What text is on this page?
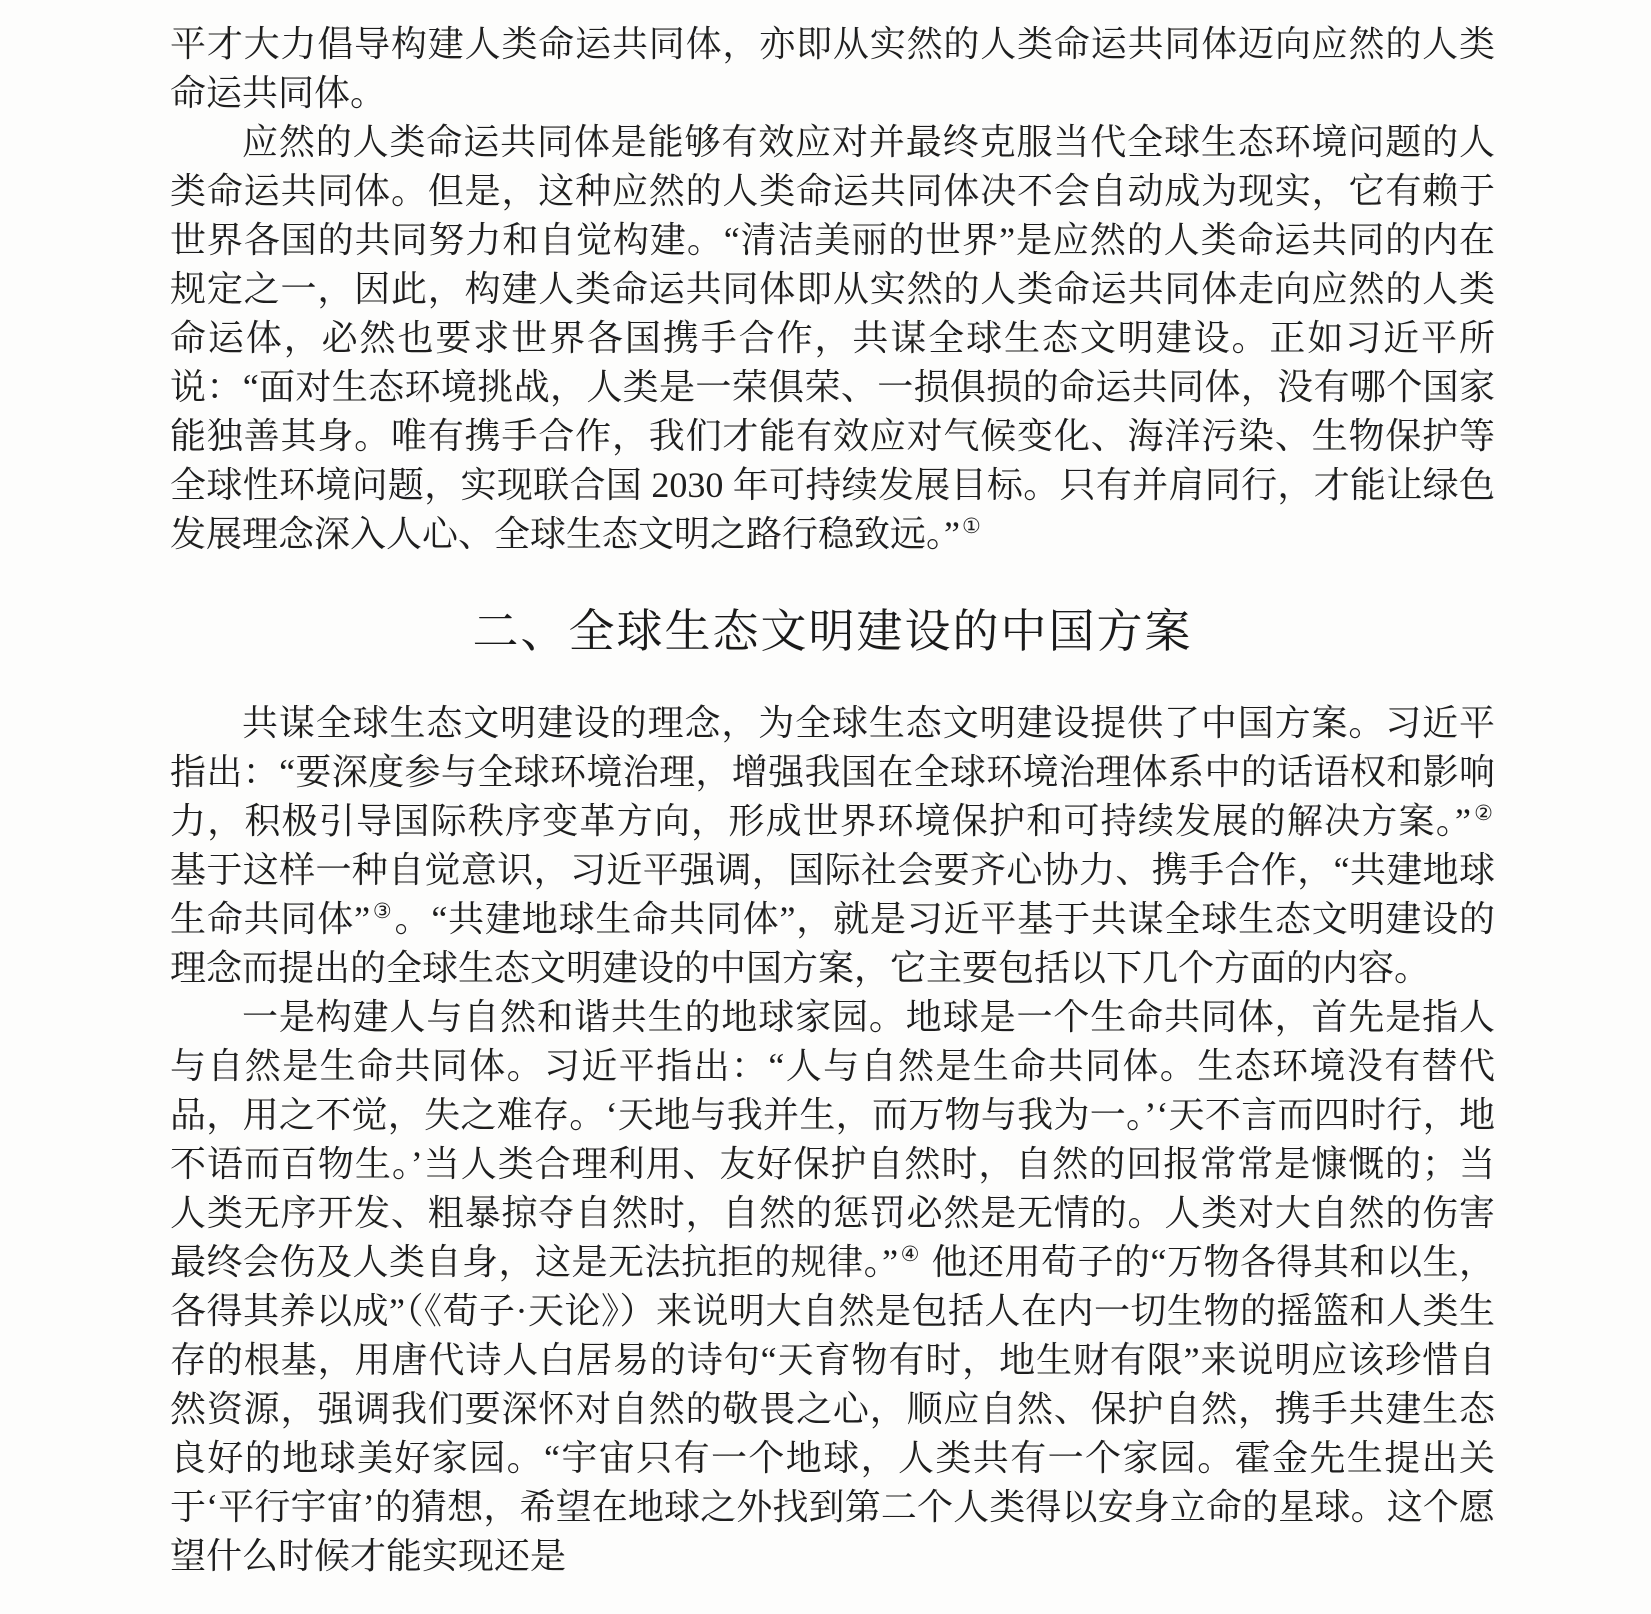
平才大力倡导构建人类命运共同体，亦即从实然的人类命运共同体迈向应然的人类命运共同体。

应然的人类命运共同体是能够有效应对并最终克服当代全球生态环境问题的人类命运共同体。但是，这种应然的人类命运共同体决不会自动成为现实，它有赖于世界各国的共同努力和自觉构建。“清洁美丽的世界”是应然的人类命运共同的内在规定之一，因此，构建人类命运共同体即从实然的人类命运共同体走向应然的人类命运体，必然也要求世界各国携手合作，共谋全球生态文明建设。正如习近平所说：“面对生态环境挑战，人类是一荣俱荣、一损俱损的命运共同体，没有哪个国家能独善其身。唯有携手合作，我们才能有效应对气候变化、海洋污染、生物保护等全球性环境问题，实现联合国 2030 年可持续发展目标。只有并肩同行，才能让绿色发展理念深入人心、全球生态文明之路行稳致远。”①

二、全球生态文明建设的中国方案

共谋全球生态文明建设的理念，为全球生态文明建设提供了中国方案。习近平指出：“要深度参与全球环境治理，增强我国在全球环境治理体系中的话语权和影响力，积极引导国际秩序变革方向，形成世界环境保护和可持续发展的解决方案。”② 基于这样一种自觉意识，习近平强调，国际社会要齐心协力、携手合作，“共建地球生命共同体”③。“共建地球生命共同体”，就是习近平基于共谋全球生态文明建设的理念而提出的全球生态文明建设的中国方案，它主要包括以下几个方面的内容。

一是构建人与自然和谐共生的地球家园。地球是一个生命共同体，首先是指人与自然是生命共同体。习近平指出：“人与自然是生命共同体。生态环境没有替代品，用之不觉，失之难存。‘天地与我并生，而万物与我为一。’‘天不言而四时行，地不语而百物生。’当人类合理利用、友好保护自然时，自然的回报常常是慷慨的；当人类无序开发、粗暴掠夺自然时，自然的惩罚必然是无情的。人类对大自然的伤害最终会伤及人类自身，这是无法抗拒的规律。”④ 他还用荀子的“万物各得其和以生，各得其养以成”（《荀子·天论》）来说明大自然是包括人在内一切生物的摇篮和人类生存的根基，用唐代诗人白居易的诗句“天育物有时，地生财有限”来说明应该珍惜自然资源，强调我们要深怀对自然的敬畏之心，顺应自然、保护自然，携手共建生态良好的地球美好家园。“宇宙只有一个地球，人类共有一个家园。霍金先生提出关于‘平行宇宙’的猜想，希望在地球之外找到第二个人类得以安身立命的星球。这个愿望什么时候才能实现还是
